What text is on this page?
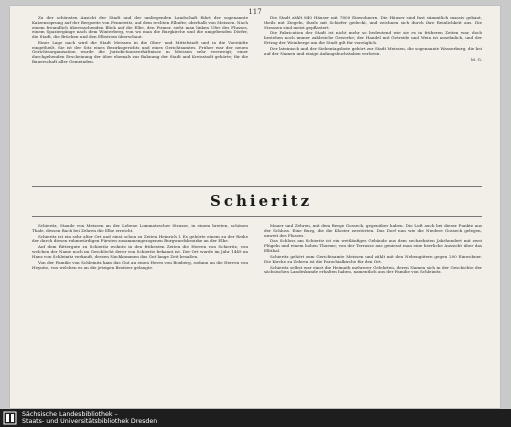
117

Zu der schönsten Ansicht der Stadt und der umliegenden Landschaft führt der sogenannte Katzenssprung auf der Bergseite von Pennewitz, auf dem rechten Elbufer, oberhalb von Meissen. Nach einem freundlich überraschenden Blick auf die Elbe, den Pirmer, sieht man linken Ufer des Flusses, einem Spaziergänge nach dem Winterberg, von wo man die Burgkirche und die umgebenden Dörfer, die Stadt, die Brücken und den Elbstrom überschaut.

Einer Lage nach wird die Stadt Meissen in die Ober- und Mittelstadt und in die Vorstädte eingetheilt. Sie ist der Sitz eines Bezirksgerichts und eines Gerichtsamtes. Früher war der neuen Gerichtsorganisation wurde die Jurisdictionsverhältnisse in Meissen sehr verzweigt; einer durchgehenden Erscheinung der über ehemals zur Bahnung der Stadt und Kreisstadt gehörte; für die Bauerschaft aller Gemeinden.

Die Stadt zählt 840 Häuser mit 7800 Einwohnern. Die Häuser sind fast sämmtlich massiv gebaut, theils mit Ziegeln, theils mit Schiefer gedeckt, und zeichnen sich durch ihre Reinlichkeit aus. Die Strassen sind meist gepflastert.

Die Fabrication der Stadt ist nicht mehr so bedeutend wie sie es in früheren Zeiten war, doch bestehen noch immer zahlreiche Gewerbe; der Handel mit Getreide und Wein ist ansehnlich, und der Ertrag der Weinberge um die Stadt gilt für vorzüglich.

Der lateinisch und der Siebentagsbote gehört zur Stadt Meissen, die sogenannte Wasserburg, die bei auf der Namen und einige Anfangsbuchstaben verloren.

M. G.

Schieritz

Schieritz, Staude von Meissen an der Lebene Lommatzscher Strasse, in einem breiten, schönen Thale, dessen Bach bei Zehren die Elbe erreicht.

Schieritz ist ein sehr alter Ort und einst schon zu Zeiten Heinrich I. Es gehörte einem zu der Reihe der durch diesen ruhmwürdigen Fürsten zusammengezogenen Burgwardsbezirke an der Elbe.

Auf dem Rittergute zu Schieritz wohnte in den frühesten Zeiten die Herren von Schieritz, von welchen der Name noch im Geschlecht derer von Schieritz bekannt ist. Der Ort wurde im Jahr 1449 an Hans von Schleinitz verkauft, dessen Nachkommen das Gut lange Zeit besaßen.

Von der Familie von Schleinitz kam das Gut an einen Herrn von Boxberg, sodann an die Herren von Heynitz, von welchen es an die jetzigen Besitzer gelangte.

Mauer und Zehren, mit dem Berge Gosseck, gegenüber haben. Die Luft auch bei dieser Punkte aus der Schloss. Eine Burg, die die Kloster zerstörten. Das Dorf nun wie die Niedere Gosseck gelegen, unweit des Flusses.

Das Schloss am Schieritz ist ein weitläufiges Gebäude aus dem sechzehnten Jahrhundert mit zwei Flügeln und einem hohen Thurme; von der Terrasse aus geniesst man eine herrliche Aussicht über das Elbthal.

Schieritz gehört zum Gerichtsamte Meissen und zählt mit den Nebengütern gegen 200 Einwohner. Die Kirche zu Zehren ist die Parochialkirche für den Ort.

Schieritz selbst war einst die Heimath mehrerer Gelehrten, deren Namen sich in der Geschichte der sächsischen Landeskunde erhalten haben, namentlich aus der Familie von Schleinitz.

Sächsische Landesbibliothek –
Staats- und Universitätsbibliothek Dresden
